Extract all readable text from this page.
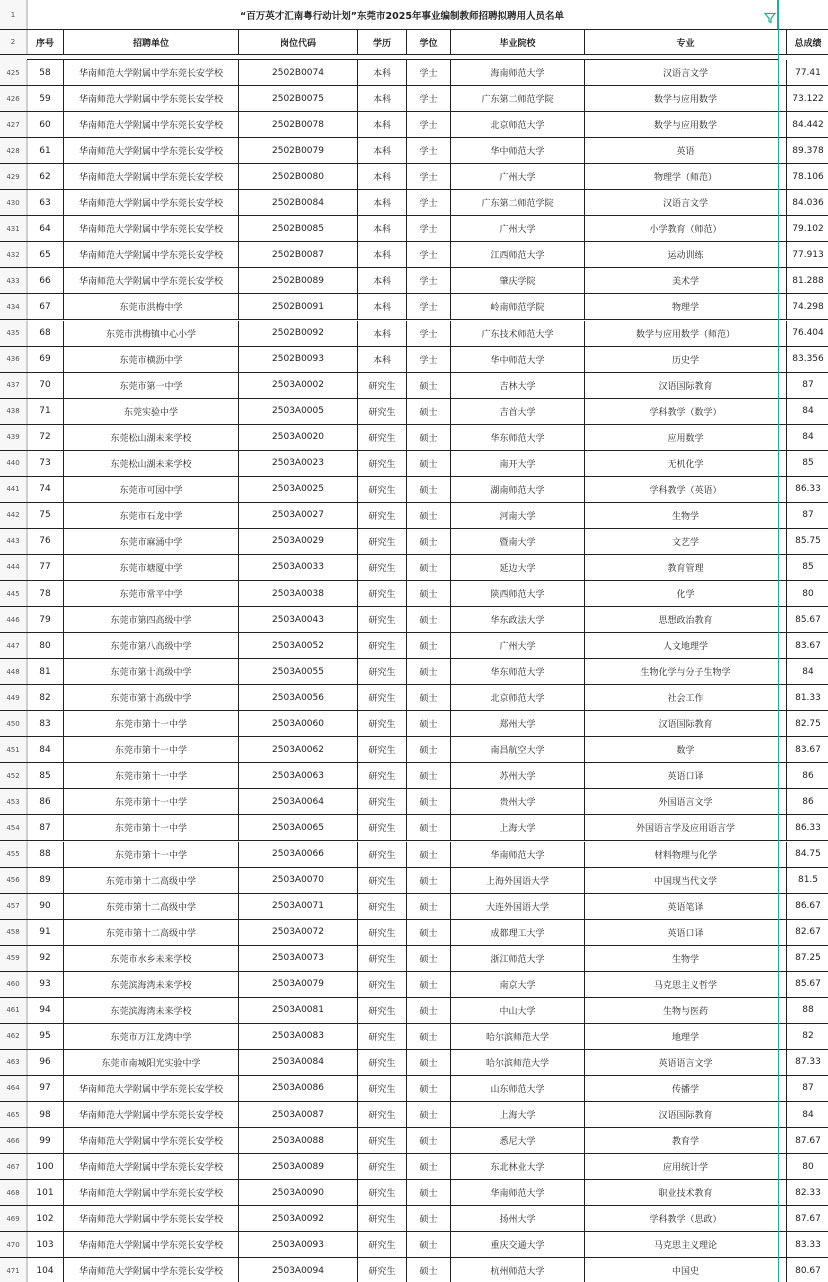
1	“百万英才汇南粤行动计划”东莞市2025年事业编制教师招聘拟聘用人员名单
2	序号	招聘单位	岗位代码	学历	学位	毕业院校	专业	总成绩
425	58	华南师范大学附属中学东莞长安学校	2502B0074	本科	学士	海南师范大学	汉语言文学	77.41
426	59	华南师范大学附属中学东莞长安学校	2502B0075	本科	学士	广东第二师范学院	数学与应用数学	73.122
427	60	华南师范大学附属中学东莞长安学校	2502B0078	本科	学士	北京师范大学	数学与应用数学	84.442
428	61	华南师范大学附属中学东莞长安学校	2502B0079	本科	学士	华中师范大学	英语	89.378
429	62	华南师范大学附属中学东莞长安学校	2502B0080	本科	学士	广州大学	物理学（师范）	78.106
430	63	华南师范大学附属中学东莞长安学校	2502B0084	本科	学士	广东第二师范学院	汉语言文学	84.036
431	64	华南师范大学附属中学东莞长安学校	2502B0085	本科	学士	广州大学	小学教育（师范）	79.102
432	65	华南师范大学附属中学东莞长安学校	2502B0087	本科	学士	江西师范大学	运动训练	77.913
433	66	华南师范大学附属中学东莞长安学校	2502B0089	本科	学士	肇庆学院	美术学	81.288
434	67	东莞市洪梅中学	2502B0091	本科	学士	岭南师范学院	物理学	74.298
435	68	东莞市洪梅镇中心小学	2502B0092	本科	学士	广东技术师范大学	数学与应用数学（师范）	76.404
436	69	东莞市横沥中学	2502B0093	本科	学士	华中师范大学	历史学	83.356
437	70	东莞市第一中学	2503A0002	研究生	硕士	吉林大学	汉语国际教育	87
438	71	东莞实验中学	2503A0005	研究生	硕士	吉首大学	学科教学（数学）	84
439	72	东莞松山湖未来学校	2503A0020	研究生	硕士	华东师范大学	应用数学	84
440	73	东莞松山湖未来学校	2503A0023	研究生	硕士	南开大学	无机化学	85
441	74	东莞市可园中学	2503A0025	研究生	硕士	湖南师范大学	学科教学（英语）	86.33
442	75	东莞市石龙中学	2503A0027	研究生	硕士	河南大学	生物学	87
443	76	东莞市麻涌中学	2503A0029	研究生	硕士	暨南大学	文艺学	85.75
444	77	东莞市塘厦中学	2503A0033	研究生	硕士	延边大学	教育管理	85
445	78	东莞市常平中学	2503A0038	研究生	硕士	陕西师范大学	化学	80
446	79	东莞市第四高级中学	2503A0043	研究生	硕士	华东政法大学	思想政治教育	85.67
447	80	东莞市第八高级中学	2503A0052	研究生	硕士	广州大学	人文地理学	83.67
448	81	东莞市第十高级中学	2503A0055	研究生	硕士	华东师范大学	生物化学与分子生物学	84
449	82	东莞市第十高级中学	2503A0056	研究生	硕士	北京师范大学	社会工作	81.33
450	83	东莞市第十一中学	2503A0060	研究生	硕士	郑州大学	汉语国际教育	82.75
451	84	东莞市第十一中学	2503A0062	研究生	硕士	南昌航空大学	数学	83.67
452	85	东莞市第十一中学	2503A0063	研究生	硕士	苏州大学	英语口译	86
453	86	东莞市第十一中学	2503A0064	研究生	硕士	贵州大学	外国语言文学	86
454	87	东莞市第十一中学	2503A0065	研究生	硕士	上海大学	外国语言学及应用语言学	86.33
455	88	东莞市第十一中学	2503A0066	研究生	硕士	华南师范大学	材料物理与化学	84.75
456	89	东莞市第十二高级中学	2503A0070	研究生	硕士	上海外国语大学	中国现当代文学	81.5
457	90	东莞市第十二高级中学	2503A0071	研究生	硕士	大连外国语大学	英语笔译	86.67
458	91	东莞市第十二高级中学	2503A0072	研究生	硕士	成都理工大学	英语口译	82.67
459	92	东莞市水乡未来学校	2503A0073	研究生	硕士	浙江师范大学	生物学	87.25
460	93	东莞滨海湾未来学校	2503A0079	研究生	硕士	南京大学	马克思主义哲学	85.67
461	94	东莞滨海湾未来学校	2503A0081	研究生	硕士	中山大学	生物与医药	88
462	95	东莞市万江龙湾中学	2503A0083	研究生	硕士	哈尔滨师范大学	地理学	82
463	96	东莞市南城阳光实验中学	2503A0084	研究生	硕士	哈尔滨师范大学	英语语言文学	87.33
464	97	华南师范大学附属中学东莞长安学校	2503A0086	研究生	硕士	山东师范大学	传播学	87
465	98	华南师范大学附属中学东莞长安学校	2503A0087	研究生	硕士	上海大学	汉语国际教育	84
466	99	华南师范大学附属中学东莞长安学校	2503A0088	研究生	硕士	悉尼大学	教育学	87.67
467	100	华南师范大学附属中学东莞长安学校	2503A0089	研究生	硕士	东北林业大学	应用统计学	80
468	101	华南师范大学附属中学东莞长安学校	2503A0090	研究生	硕士	华南师范大学	职业技术教育	82.33
469	102	华南师范大学附属中学东莞长安学校	2503A0092	研究生	硕士	扬州大学	学科教学（思政）	87.67
470	103	华南师范大学附属中学东莞长安学校	2503A0093	研究生	硕士	重庆交通大学	马克思主义理论	83.33
471	104	华南师范大学附属中学东莞长安学校	2503A0094	研究生	硕士	杭州师范大学	中国史	80.67
